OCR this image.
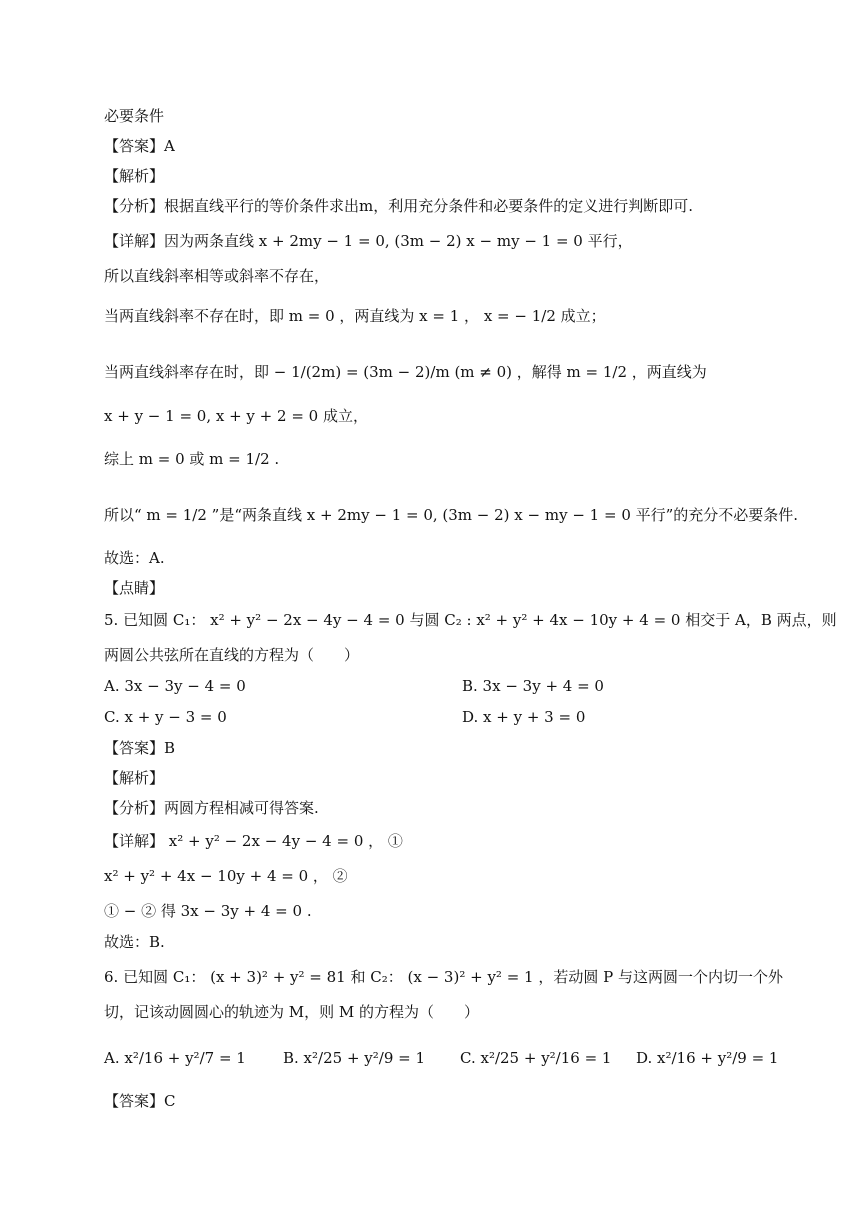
必要条件
【答案】A
【解析】
【分析】根据直线平行的等价条件求出m，利用充分条件和必要条件的定义进行判断即可.
【详解】因为两条直线 x + 2my − 1 = 0, (3m − 2) x − my − 1 = 0 平行，
所以直线斜率相等或斜率不存在，
当两直线斜率不存在时，即 m = 0 ，两直线为 x = 1 ， x = − 1/2 成立；
当两直线斜率存在时，即 − 1/(2m) = (3m − 2)/m (m ≠ 0) ，解得 m = 1/2 ，两直线为
x + y − 1 = 0, x + y + 2 = 0 成立，
综上 m = 0 或 m = 1/2 .
所以“ m = 1/2 ”是“两条直线 x + 2my − 1 = 0, (3m − 2) x − my − 1 = 0 平行”的充分不必要条件.
故选：A.
【点睛】
5. 已知圆 C₁： x² + y² − 2x − 4y − 4 = 0 与圆 C₂ : x² + y² + 4x − 10y + 4 = 0 相交于 A，B 两点，则
两圆公共弦所在直线的方程为（　　）
A. 3x − 3y − 4 = 0	B. 3x − 3y + 4 = 0
C. x + y − 3 = 0	D. x + y + 3 = 0
【答案】B
【解析】
【分析】两圆方程相减可得答案.
【详解】 x² + y² − 2x − 4y − 4 = 0 ， ①
x² + y² + 4x − 10y + 4 = 0 ， ②
① − ② 得 3x − 3y + 4 = 0 .
故选：B.
6. 已知圆 C₁： (x + 3)² + y² = 81 和 C₂： (x − 3)² + y² = 1 ，若动圆 P 与这两圆一个内切一个外
切，记该动圆圆心的轨迹为 M，则 M 的方程为（　　）
A. x²/16 + y²/7 = 1 B. x²/25 + y²/9 = 1 C. x²/25 + y²/16 = 1 D. x²/16 + y²/9 = 1
【答案】C
